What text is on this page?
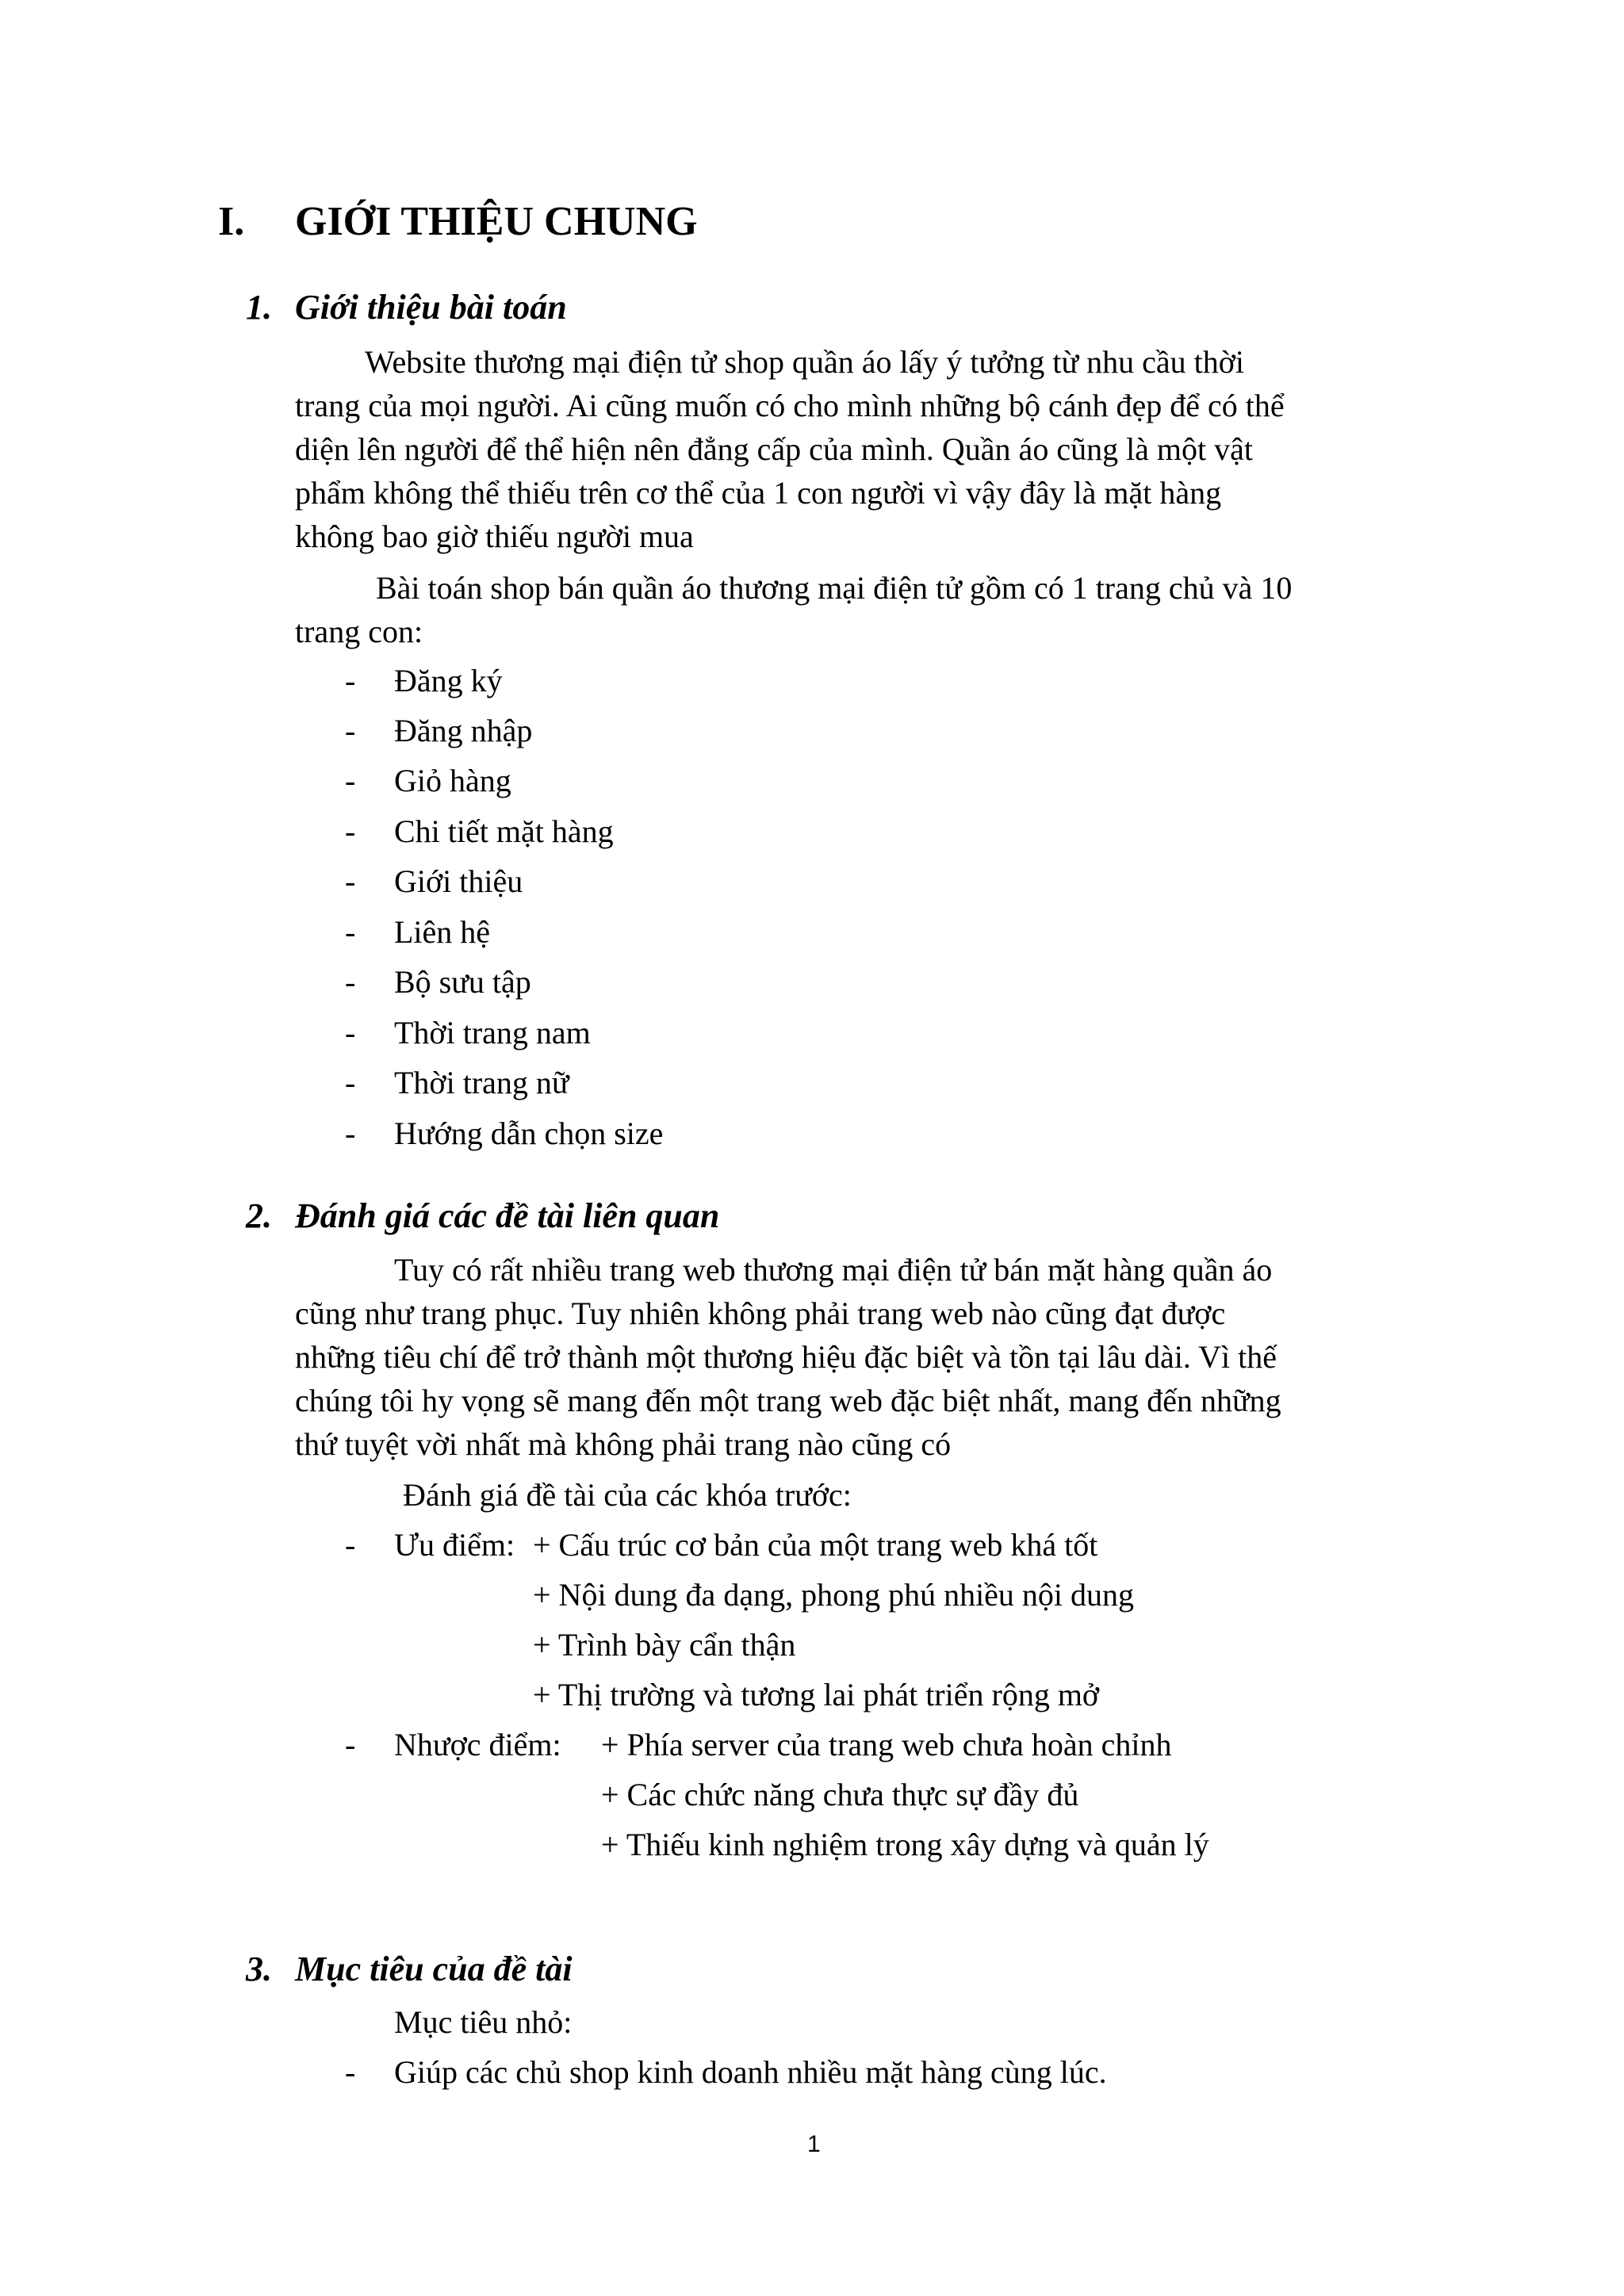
I. GIỚI THIỆU CHUNG
1. Giới thiệu bài toán
Website thương mại điện tử shop quần áo lấy ý tưởng từ nhu cầu thời
trang của mọi người. Ai cũng muốn có cho mình những bộ cánh đẹp để có thể
diện lên người để thể hiện nên đẳng cấp của mình. Quần áo cũng là một vật
phẩm không thể thiếu trên cơ thể của 1 con người vì vậy đây là mặt hàng
không bao giờ thiếu người mua
Bài toán shop bán quần áo thương mại điện tử gồm có 1 trang chủ và 10
trang con:
- Đăng ký
- Đăng nhập
- Giỏ hàng
- Chi tiết mặt hàng
- Giới thiệu
- Liên hệ
- Bộ sưu tập
- Thời trang nam
- Thời trang nữ
- Hướng dẫn chọn size
2. Đánh giá các đề tài liên quan
Tuy có rất nhiều trang web thương mại điện tử bán mặt hàng quần áo
cũng như trang phục. Tuy nhiên không phải trang web nào cũng đạt được
những tiêu chí để trở thành một thương hiệu đặc biệt và tồn tại lâu dài. Vì thế
chúng tôi hy vọng sẽ mang đến một trang web đặc biệt nhất, mang đến những
thứ tuyệt vời nhất mà không phải trang nào cũng có
Đánh giá đề tài của các khóa trước:
- Ưu điểm: + Cấu trúc cơ bản của một trang web khá tốt
+ Nội dung đa dạng, phong phú nhiều nội dung
+ Trình bày cẩn thận
+ Thị trường và tương lai phát triển rộng mở
- Nhược điểm: + Phía server của trang web chưa hoàn chỉnh
+ Các chức năng chưa thực sự đầy đủ
+ Thiếu kinh nghiệm trong xây dựng và quản lý
3. Mục tiêu của đề tài
Mục tiêu nhỏ:
- Giúp các chủ shop kinh doanh nhiều mặt hàng cùng lúc.
1
